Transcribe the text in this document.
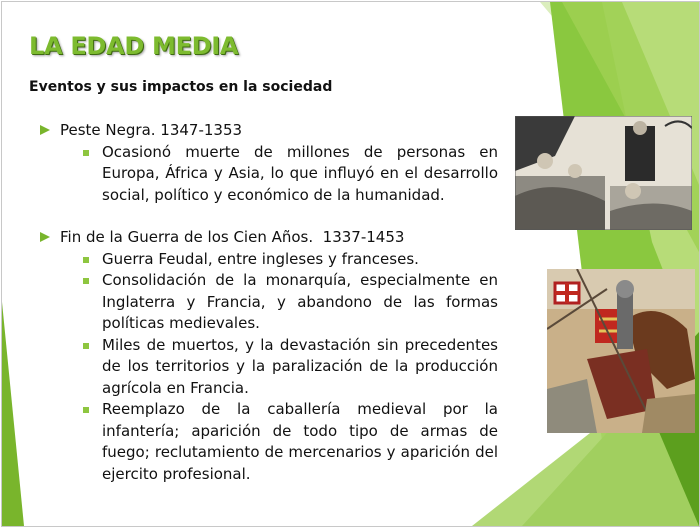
LA EDAD MEDIA
Eventos y sus impactos en la sociedad
Peste Negra. 1347-1353
Ocasionó muerte de millones de personas en Europa, África y Asia, lo que influyó en el desarrollo social, político y económico de la humanidad.
Fin de la Guerra de los Cien Años.  1337-1453
Guerra Feudal, entre ingleses y franceses.
Consolidación de la monarquía, especialmente en Inglaterra y Francia, y abandono de las formas políticas medievales.
Miles de muertos, y la devastación sin precedentes de los territorios y la paralización de la producción agrícola en Francia.
Reemplazo de la caballería medieval por la infantería; aparición de todo tipo de armas de fuego; reclutamiento de mercenarios y aparición del ejercito profesional.
